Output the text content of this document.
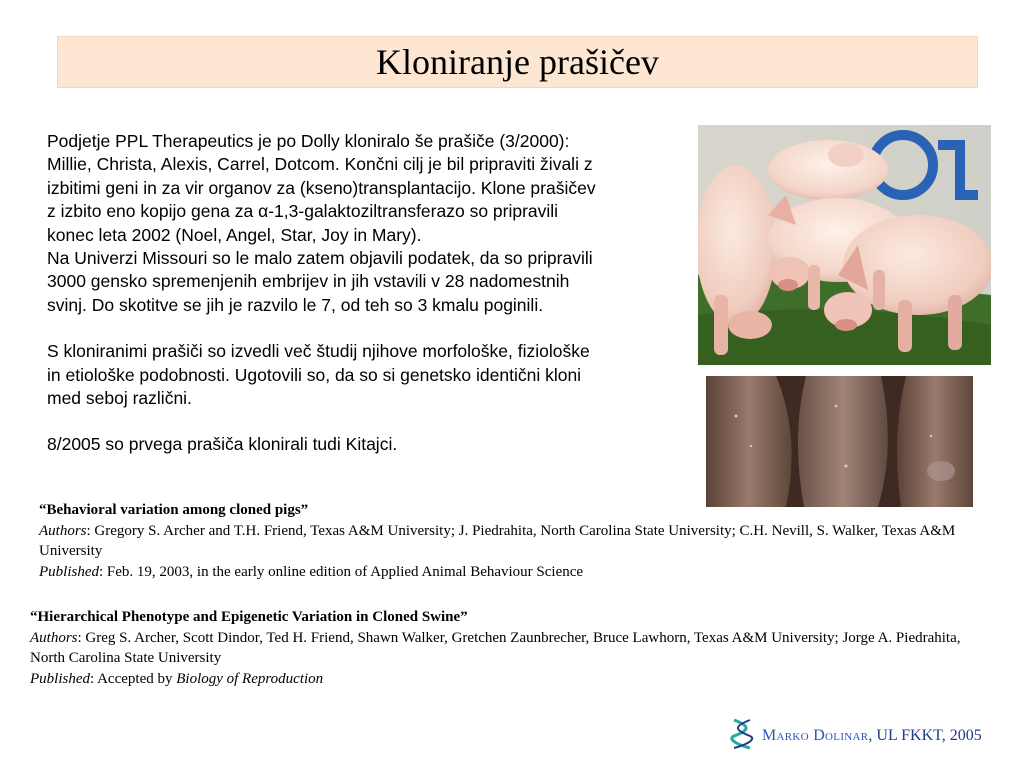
Kloniranje prašičev

Podjetje PPL Therapeutics je po Dolly kloniralo še prašiče (3/2000):

Millie, Christa, Alexis, Carrel, Dotcom. Končni cilj je bil pripraviti živali z

izbitimi geni in za vir organov za (kseno)transplantacijo. Klone prašičev

z izbito eno kopijo gena za α-1,3-galaktoziltransferazo so pripravili

konec leta 2002 (Noel, Angel, Star, Joy in Mary).

Na Univerzi Missouri so le malo zatem objavili podatek, da so pripravili

3000 gensko spremenjenih embrijev in jih vstavili v 28 nadomestnih

svinj. Do skotitve se jih je razvilo le 7, od teh so 3 kmalu poginili.

S kloniranimi prašiči so izvedli več študij njihove morfološke, fiziološke

in etiološke podobnosti. Ugotovili so, da so si genetsko identični kloni

med seboj različni.

8/2005 so prvega prašiča klonirali tudi Kitajci.

“Behavioral variation among cloned pigs”

Authors: Gregory S. Archer and T.H. Friend, Texas A&M University; J. Piedrahita, North Carolina State University; C.H. Nevill, S. Walker, Texas A&M University

Published: Feb. 19, 2003, in the early online edition of Applied Animal Behaviour Science

“Hierarchical Phenotype and Epigenetic Variation in Cloned Swine”

Authors: Greg S. Archer, Scott Dindor, Ted H. Friend, Shawn Walker, Gretchen Zaunbrecher, Bruce Lawhorn, Texas A&M University; Jorge A. Piedrahita, North Carolina State University

Published: Accepted by Biology of Reproduction

Marko Dolinar, UL FKKT, 2005
